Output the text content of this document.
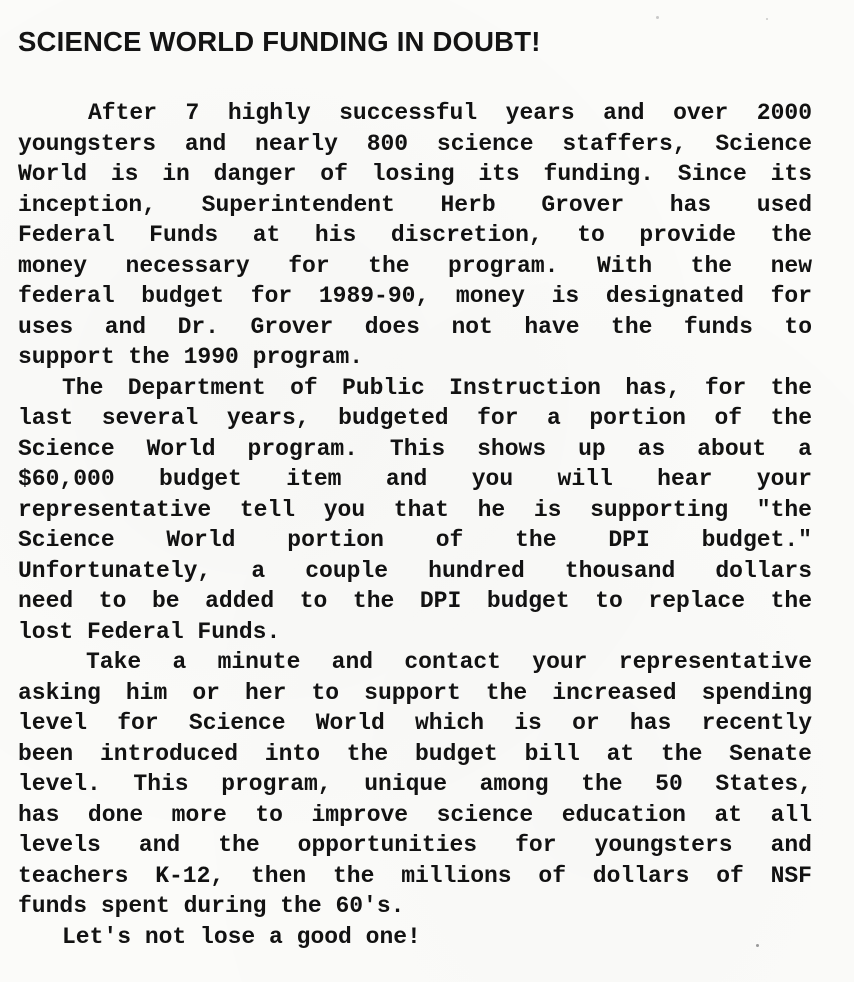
SCIENCE WORLD FUNDING IN DOUBT!
After 7 highly successful years and over 2000
youngsters and nearly 800 science staffers, Science
World is in danger of losing its funding. Since its
inception, Superintendent Herb Grover has used
Federal Funds at his discretion, to provide the
money necessary for the program. With the new
federal budget for 1989-90, money is designated for
uses and Dr. Grover does not have the funds to
support the 1990 program.
The Department of Public Instruction has, for the
last several years, budgeted for a portion of the
Science World program. This shows up as about a
$60,000 budget item and you will hear your
representative tell you that he is supporting "the
Science World portion of the DPI budget."
Unfortunately, a couple hundred thousand dollars
need to be added to the DPI budget to replace the
lost Federal Funds.
Take a minute and contact your representative
asking him or her to support the increased spending
level for Science World which is or has recently
been introduced into the budget bill at the Senate
level. This program, unique among the 50 States,
has done more to improve science education at all
levels and the opportunities for youngsters and
teachers K-12, then the millions of dollars of NSF
funds spent during the 60's.
Let's not lose a good one!
